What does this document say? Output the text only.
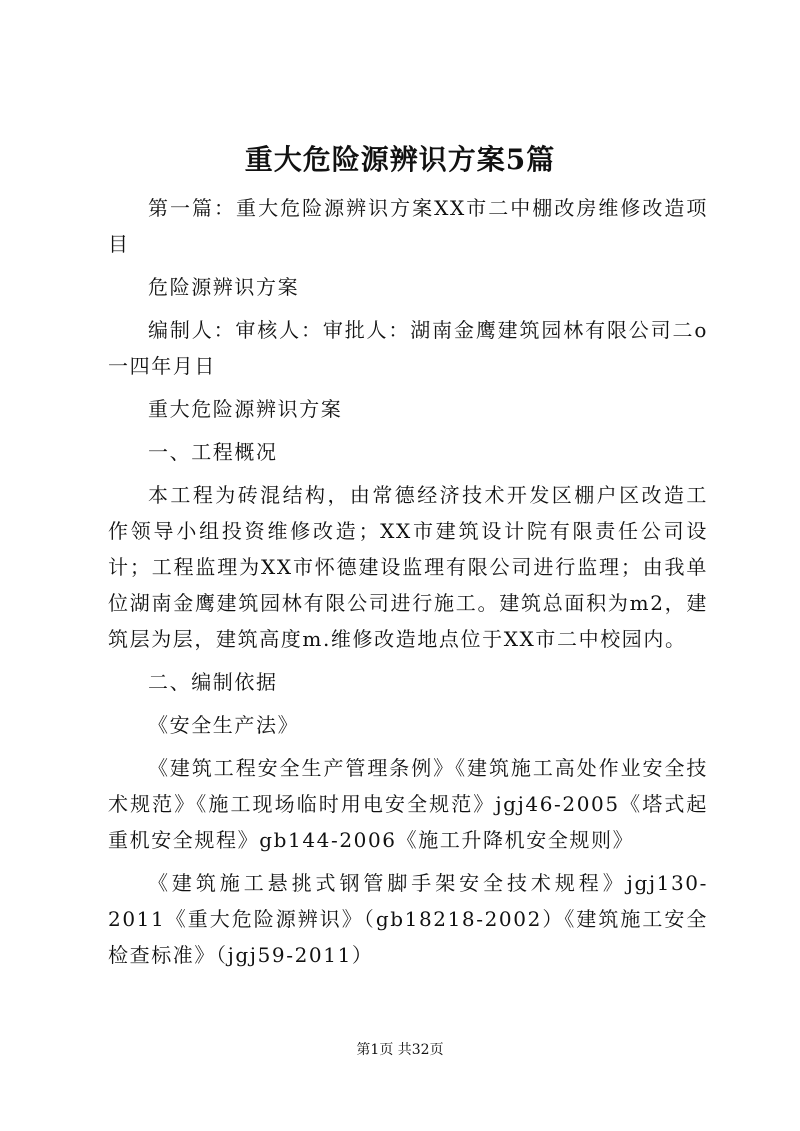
重大危险源辨识方案5篇

第一篇：重大危险源辨识方案XX市二中棚改房维修改造项目

危险源辨识方案

编制人：审核人：审批人：湖南金鹰建筑园林有限公司二o一四年月日

重大危险源辨识方案

一、工程概况

本工程为砖混结构，由常德经济技术开发区棚户区改造工作领导小组投资维修改造；XX市建筑设计院有限责任公司设计；工程监理为XX市怀德建设监理有限公司进行监理；由我单位湖南金鹰建筑园林有限公司进行施工。建筑总面积为m2，建筑层为层，建筑高度m.维修改造地点位于XX市二中校园内。

二、编制依据

《安全生产法》

《建筑工程安全生产管理条例》《建筑施工高处作业安全技术规范》《施工现场临时用电安全规范》jgj46-2005《塔式起重机安全规程》gb144-2006《施工升降机安全规则》

《建筑施工悬挑式钢管脚手架安全技术规程》jgj130-2011《重大危险源辨识》（gb18218-2002）《建筑施工安全检查标准》（jgj59-2011）

第1页 共32页
